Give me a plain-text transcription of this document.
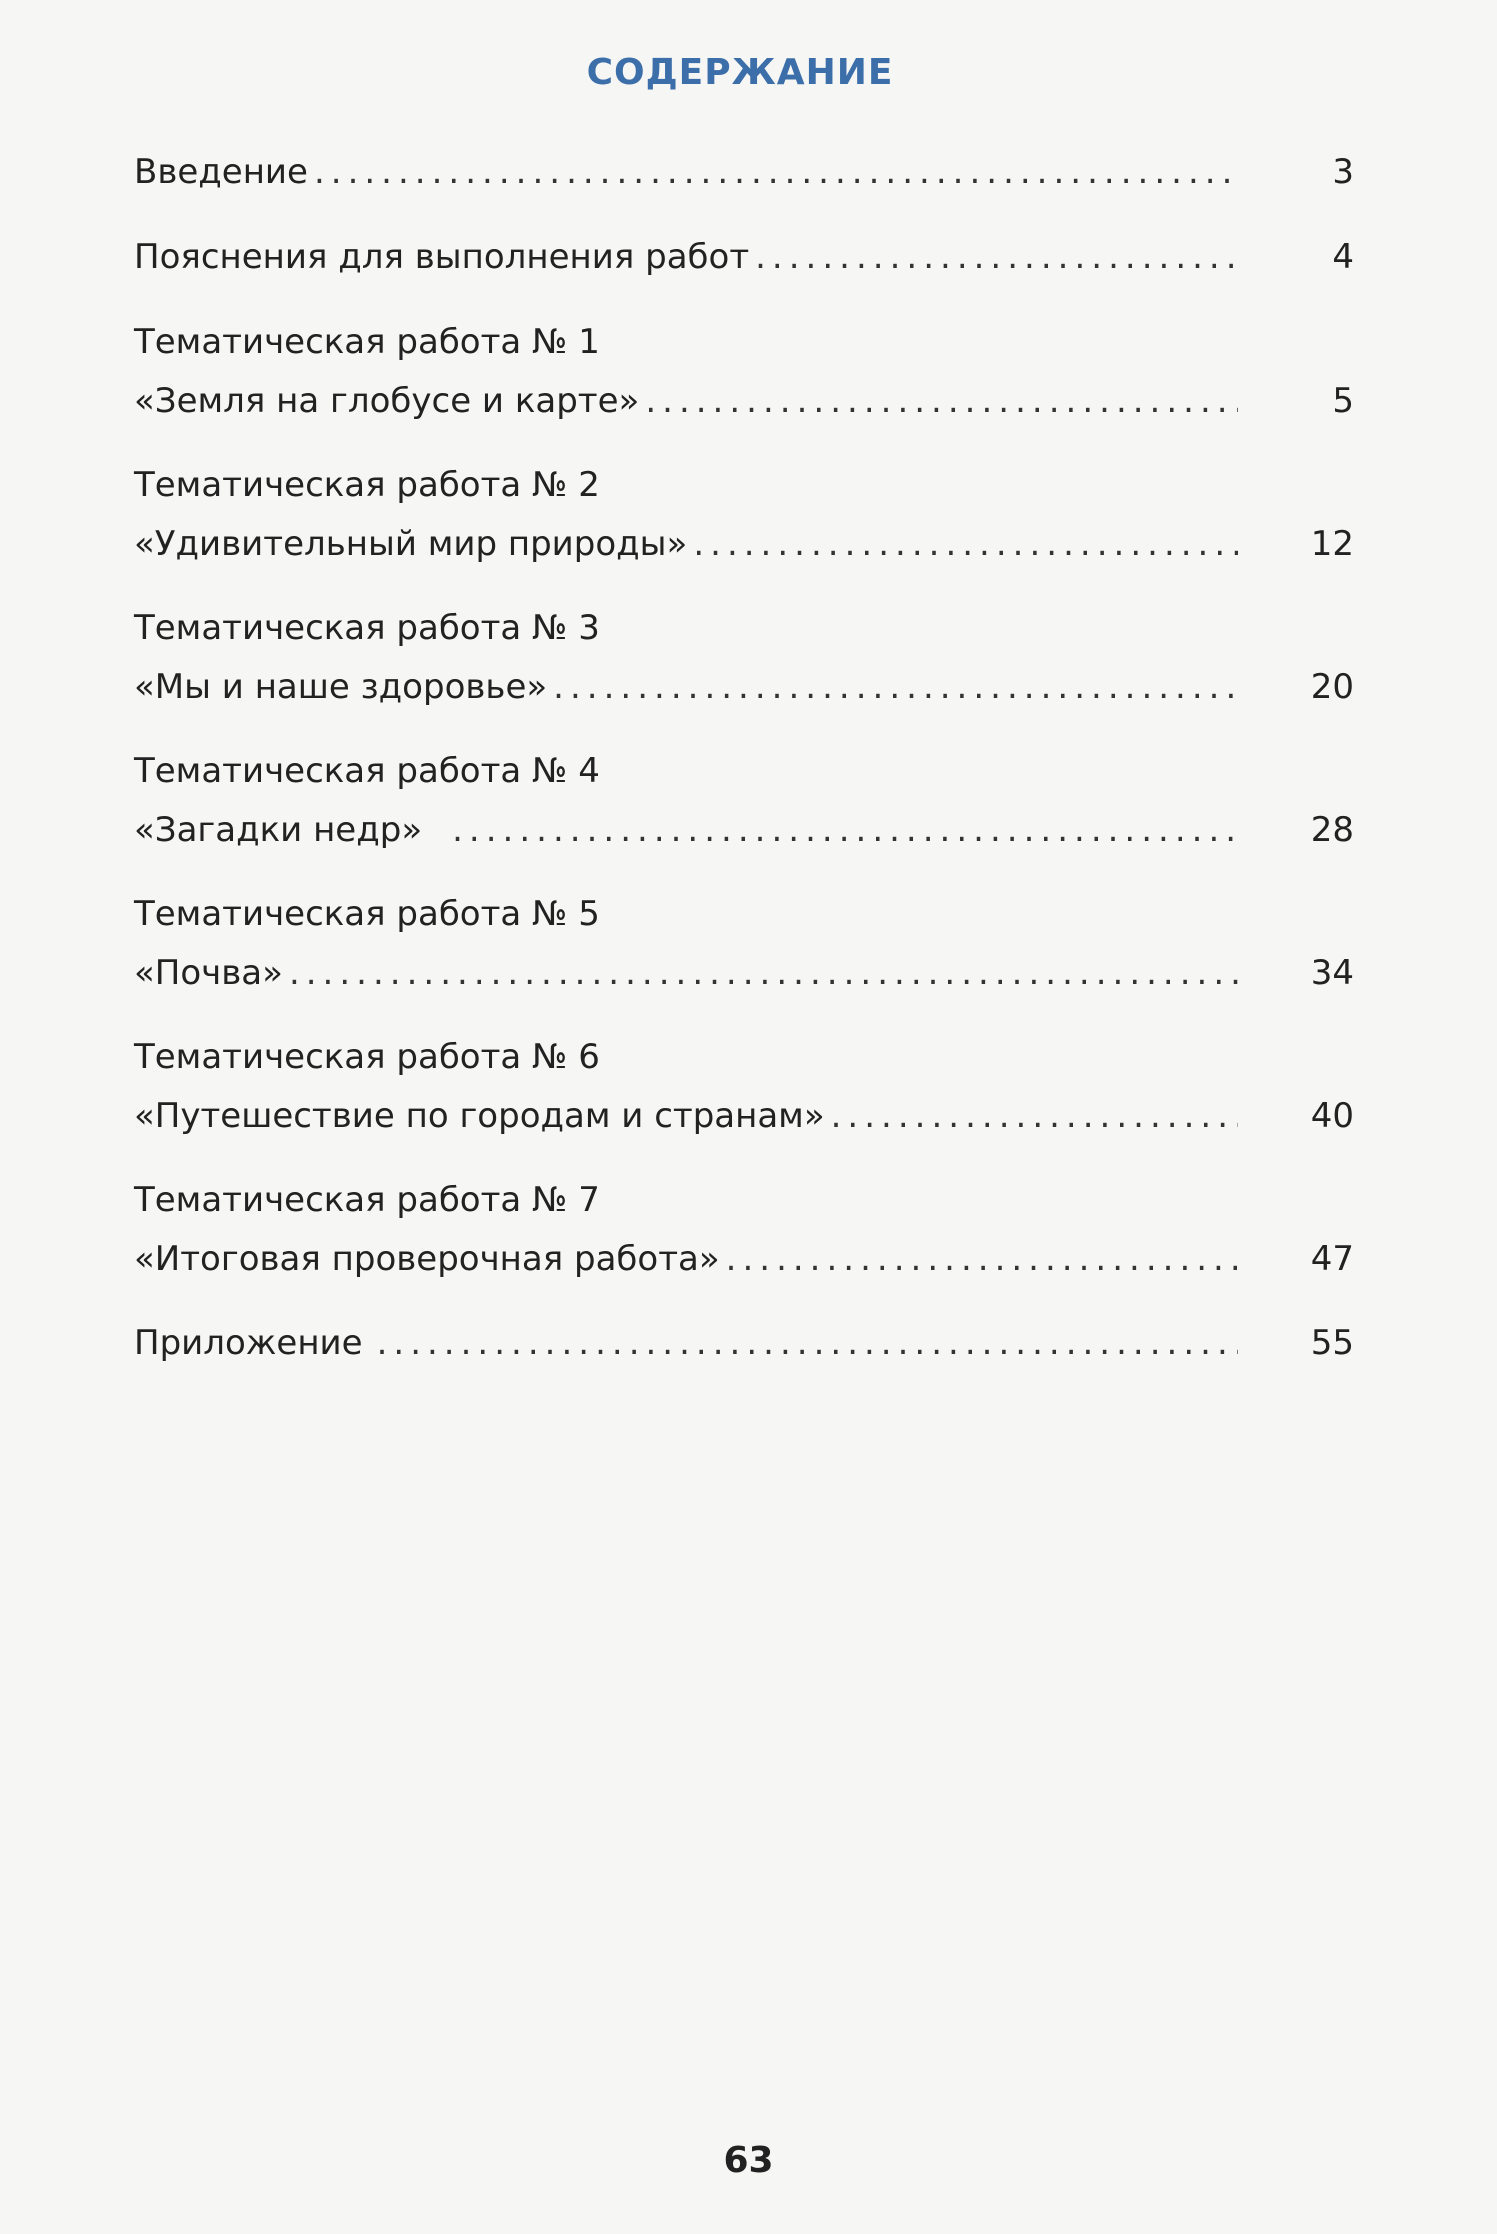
СОДЕРЖАНИЕ
Введение .....	3
Пояснения для выполнения работ .....	4
Тематическая работа № 1
«Земля на глобусе и карте» .....	5
Тематическая работа № 2
«Удивительный мир природы» .....	12
Тематическая работа № 3
«Мы и наше здоровье» .....	20
Тематическая работа № 4
«Загадки недр» .....	28
Тематическая работа № 5
«Почва» .....	34
Тематическая работа № 6
«Путешествие по городам и странам» .....	40
Тематическая работа № 7
«Итоговая проверочная работа» .....	47
Приложение .....	55
63
